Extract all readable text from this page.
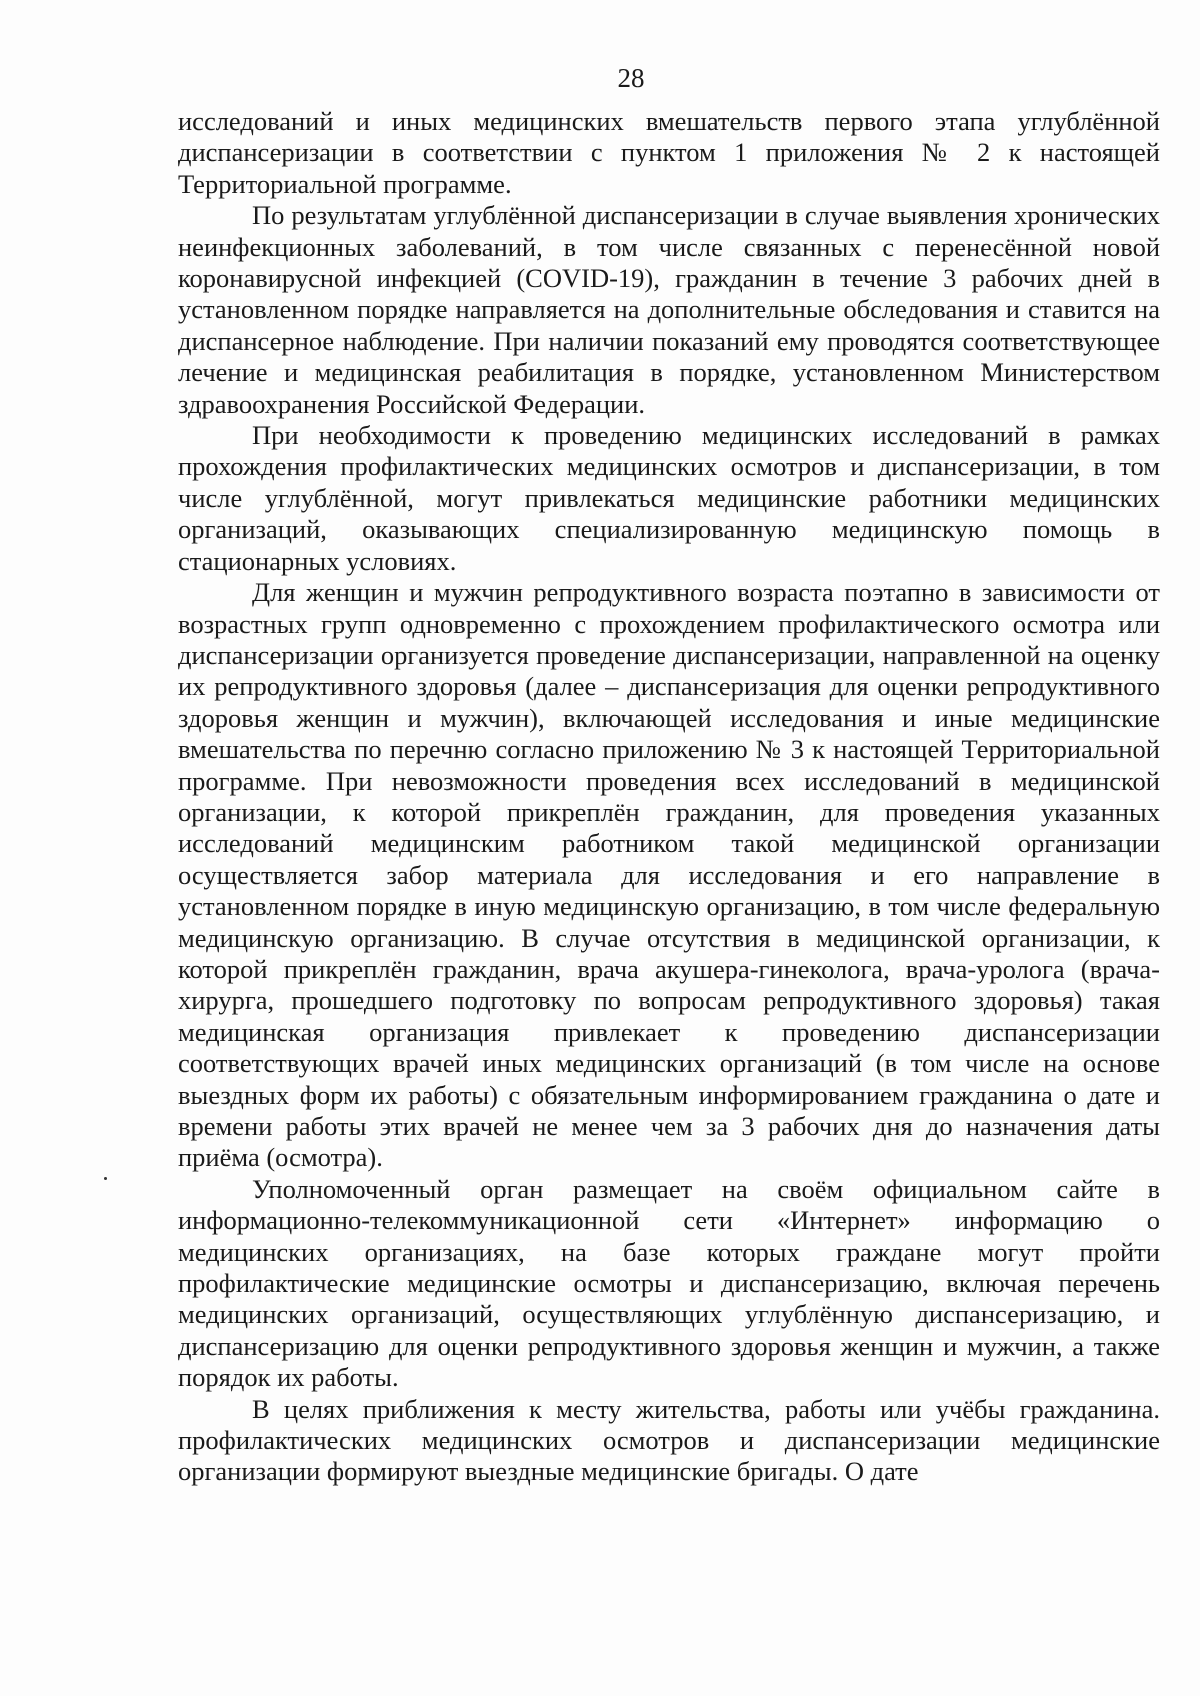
28

исследований и иных медицинских вмешательств первого этапа углублённой диспансеризации в соответствии с пунктом 1 приложения № 2 к настоящей Территориальной программе.

По результатам углублённой диспансеризации в случае выявления хронических неинфекционных заболеваний, в том числе связанных с перенесённой новой коронавирусной инфекцией (COVID-19), гражданин в течение 3 рабочих дней в установленном порядке направляется на дополнительные обследования и ставится на диспансерное наблюдение. При наличии показаний ему проводятся соответствующее лечение и медицинская реабилитация в порядке, установленном Министерством здравоохранения Российской Федерации.

При необходимости к проведению медицинских исследований в рамках прохождения профилактических медицинских осмотров и диспансеризации, в том числе углублённой, могут привлекаться медицинские работники медицинских организаций, оказывающих специализированную медицинскую помощь в стационарных условиях.

Для женщин и мужчин репродуктивного возраста поэтапно в зависимости от возрастных групп одновременно с прохождением профилактического осмотра или диспансеризации организуется проведение диспансеризации, направленной на оценку их репродуктивного здоровья (далее – диспансеризация для оценки репродуктивного здоровья женщин и мужчин), включающей исследования и иные медицинские вмешательства по перечню согласно приложению № 3 к настоящей Территориальной программе. При невозможности проведения всех исследований в медицинской организации, к которой прикреплён гражданин, для проведения указанных исследований медицинским работником такой медицинской организации осуществляется забор материала для исследования и его направление в установленном порядке в иную медицинскую организацию, в том числе федеральную медицинскую организацию. В случае отсутствия в медицинской организации, к которой прикреплён гражданин, врача акушера-гинеколога, врача-уролога (врача-хирурга, прошедшего подготовку по вопросам репродуктивного здоровья) такая медицинская организация привлекает к проведению диспансеризации соответствующих врачей иных медицинских организаций (в том числе на основе выездных форм их работы) с обязательным информированием гражданина о дате и времени работы этих врачей не менее чем за 3 рабочих дня до назначения даты приёма (осмотра).

Уполномоченный орган размещает на своём официальном сайте в информационно-телекоммуникационной сети «Интернет» информацию о медицинских организациях, на базе которых граждане могут пройти профилактические медицинские осмотры и диспансеризацию, включая перечень медицинских организаций, осуществляющих углублённую диспансеризацию, и диспансеризацию для оценки репродуктивного здоровья женщин и мужчин, а также порядок их работы.

В целях приближения к месту жительства, работы или учёбы гражданина. профилактических медицинских осмотров и диспансеризации медицинские организации формируют выездные медицинские бригады. О дате
